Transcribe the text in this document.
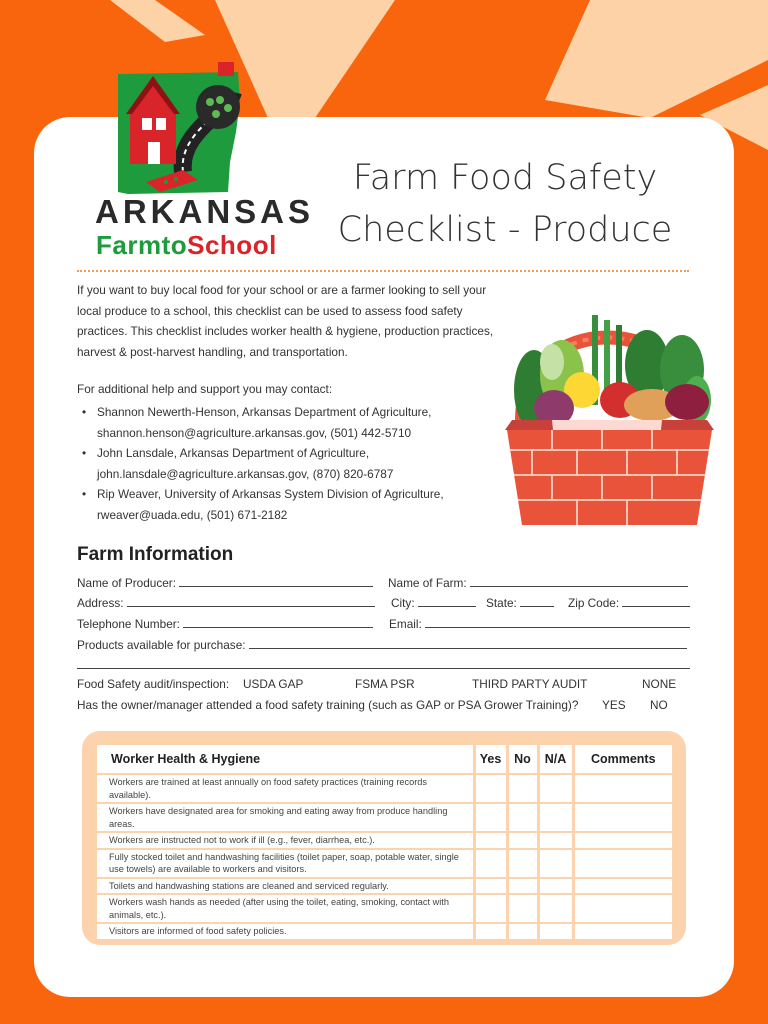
ARKANSAS
FarmtoSchool
Farm Food Safety
Checklist - Produce
If you want to buy local food for your school or are a farmer looking to sell your local produce to a school, this checklist can be used to assess food safety practices. This checklist includes worker health & hygiene, production practices, harvest & post-harvest handling, and transportation.
For additional help and support you may contact:
• Shannon Newerth-Henson, Arkansas Department of Agriculture,
shannon.henson@agriculture.arkansas.gov, (501) 442-5710
• John Lansdale, Arkansas Department of Agriculture,
john.lansdale@agriculture.arkansas.gov, (870) 820-6787
• Rip Weaver, University of Arkansas System Division of Agriculture,
rweaver@uada.edu, (501) 671-2182
Farm Information
Name of Producer:	Name of Farm:
Address:	City:	State:	Zip Code:
Telephone Number:	Email:
Products available for purchase:
Food Safety audit/inspection: USDA GAP	FSMA PSR	THIRD PARTY AUDIT	NONE
Has the owner/manager attended a food safety training (such as GAP or PSA Grower Training)? YES NO
Worker Health & Hygiene	Yes	No	N/A	Comments
Workers are trained at least annually on food safety practices (training records available).				
Workers have designated area for smoking and eating away from produce handling areas.				
Workers are instructed not to work if ill (e.g., fever, diarrhea, etc.).				
Fully stocked toilet and handwashing facilities (toilet paper, soap, potable water, single use towels) are available to workers and visitors.				
Toilets and handwashing stations are cleaned and serviced regularly.				
Workers wash hands as needed (after using the toilet, eating, smoking, contact with animals, etc.).				
Visitors are informed of food safety policies.				
